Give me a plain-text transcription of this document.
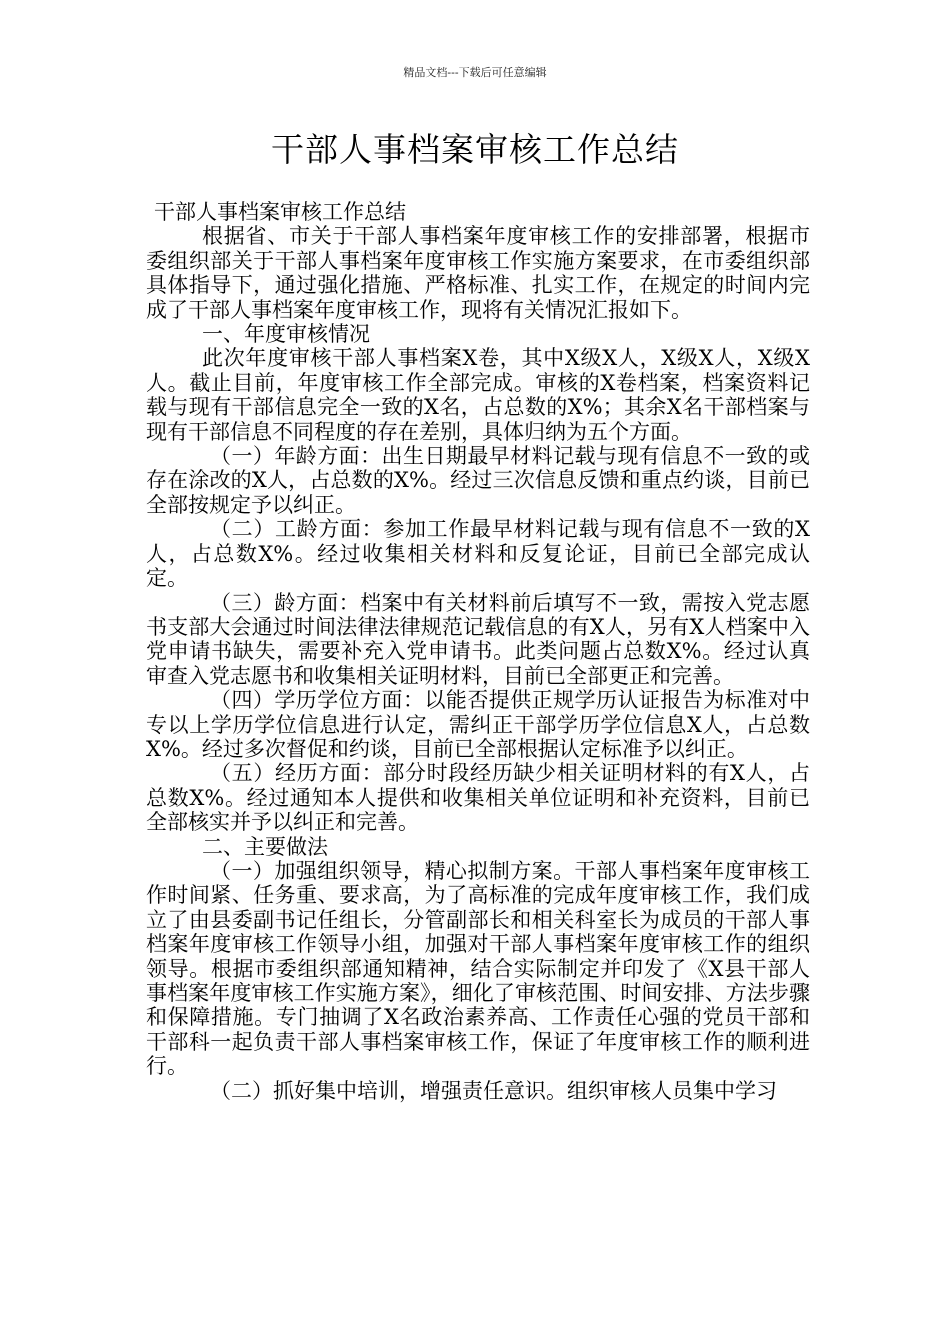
精品文档---下载后可任意编辑
干部人事档案审核工作总结

干部人事档案审核工作总结

根据省、市关于干部人事档案年度审核工作的安排部署，根据市委组织部关于干部人事档案年度审核工作实施方案要求，在市委组织部具体指导下，通过强化措施、严格标准、扎实工作，在规定的时间内完成了干部人事档案年度审核工作，现将有关情况汇报如下。

一、年度审核情况

此次年度审核干部人事档案X卷，其中X级X人，X级X人，X级X人。截止目前，年度审核工作全部完成。审核的X卷档案，档案资料记载与现有干部信息完全一致的X名，占总数的X%；其余X名干部档案与现有干部信息不同程度的存在差别，具体归纳为五个方面。

（一）年龄方面：出生日期最早材料记载与现有信息不一致的或存在涂改的X人，占总数的X%。经过三次信息反馈和重点约谈，目前已全部按规定予以纠正。

（二）工龄方面：参加工作最早材料记载与现有信息不一致的X人，占总数X%。经过收集相关材料和反复论证，目前已全部完成认定。

（三）龄方面：档案中有关材料前后填写不一致，需按入党志愿书支部大会通过时间法律法律规范记载信息的有X人，另有X人档案中入党申请书缺失，需要补充入党申请书。此类问题占总数X%。经过认真审查入党志愿书和收集相关证明材料，目前已全部更正和完善。

（四）学历学位方面：以能否提供正规学历认证报告为标准对中专以上学历学位信息进行认定，需纠正干部学历学位信息X人，占总数X%。经过多次督促和约谈，目前已全部根据认定标准予以纠正。

（五）经历方面：部分时段经历缺少相关证明材料的有X人，占总数X%。经过通知本人提供和收集相关单位证明和补充资料，目前已全部核实并予以纠正和完善。

二、主要做法

（一）加强组织领导，精心拟制方案。干部人事档案年度审核工作时间紧、任务重、要求高，为了高标准的完成年度审核工作，我们成立了由县委副书记任组长，分管副部长和相关科室长为成员的干部人事档案年度审核工作领导小组，加强对干部人事档案年度审核工作的组织领导。根据市委组织部通知精神，结合实际制定并印发了《X县干部人事档案年度审核工作实施方案》，细化了审核范围、时间安排、方法步骤和保障措施。专门抽调了X名政治素养高、工作责任心强的党员干部和干部科一起负责干部人事档案审核工作，保证了年度审核工作的顺利进行。

（二）抓好集中培训，增强责任意识。组织审核人员集中学习
